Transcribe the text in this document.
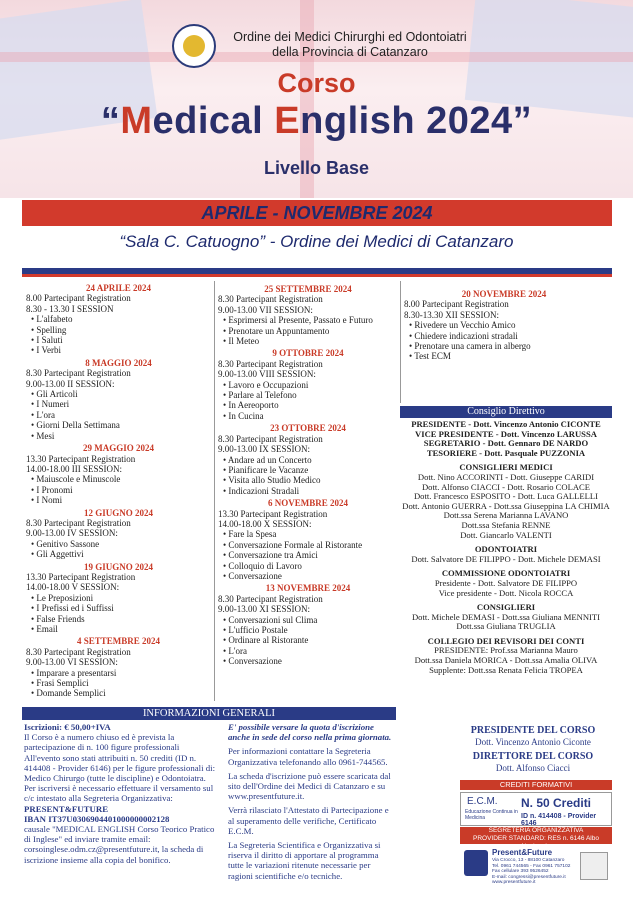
Ordine dei Medici Chirurghi ed Odontoiatri
della Provincia di Catanzaro
Corso
“Medical English 2024”
Livello Base
APRILE - NOVEMBRE 2024
“Sala C. Catuogno” - Ordine dei Medici di Catanzaro
24 APRILE 2024
8.00 Partecipant Registration
8.30 - 13.30 I SESSION
• L'alfabeto
• Spelling
• I Saluti
• I Verbi
8 MAGGIO 2024
8.30 Partecipant Registration
9.00-13.00 II SESSION:
• Gli Articoli
• I Numeri
• L'ora
• Giorni Della Settimana
• Mesi
29 MAGGIO 2024
13.30 Partecipant Registration
14.00-18.00 III SESSION:
• Maiuscole e Minuscole
• I Pronomi
• I Nomi
12 GIUGNO 2024
8.30 Partecipant Registration
9.00-13.00 IV SESSION:
• Genitivo Sassone
• Gli Aggettivi
19 GIUGNO 2024
13.30 Partecipant Registration
14.00-18.00 V SESSION:
• Le Preposizioni
• I Prefissi ed i Suffissi
• False Friends
• Email
4 SETTEMBRE 2024
8.30 Partecipant Registration
9.00-13.00 VI SESSION:
• Imparare a presentarsi
• Frasi Semplici
• Domande Semplici
25 SETTEMBRE 2024
8.30 Partecipant Registration
9.00-13.00 VII SESSION:
• Esprimersi al Presente, Passato e Futuro
• Prenotare un Appuntamento
• Il Meteo
9 OTTOBRE 2024
8.30 Partecipant Registration
9.00-13.00 VIII SESSION:
• Lavoro e Occupazioni
• Parlare al Telefono
• In Aereoporto
• In Cucina
23 OTTOBRE 2024
8.30 Partecipant Registration
9.00-13.00 IX SESSION:
• Andare ad un Concerto
• Pianificare le Vacanze
• Visita allo Studio Medico
• Indicazioni Stradali
6 NOVEMBRE 2024
13.30 Partecipant Registration
14.00-18.00 X SESSION:
• Fare la Spesa
• Conversazione Formale al Ristorante
• Conversazione tra Amici
• Colloquio di Lavoro
• Conversazione
13 NOVEMBRE 2024
8.30 Partecipant Registration
9.00-13.00 XI SESSION:
• Conversazioni sul Clima
• L'ufficio Postale
• Ordinare al Ristorante
• L'ora
• Conversazione
20 NOVEMBRE 2024
8.00 Partecipant Registration
8.30-13.30 XII SESSION:
• Rivedere un Vecchio Amico
• Chiedere indicazioni stradali
• Prenotare una camera in albergo
• Test ECM
Consiglio Direttivo
PRESIDENTE - Dott. Vincenzo Antonio CICONTE
VICE PRESIDENTE - Dott. Vincenzo LARUSSA
SEGRETARIO - Dott. Gennaro DE NARDO
TESORIERE - Dott. Pasquale PUZZONIA
CONSIGLIERI MEDICI
Dott. Nino ACCORINTI - Dott. Giuseppe CARIDI
Dott. Alfonso CIACCI - Dott. Rosario COLACE
Dott. Francesco ESPOSITO - Dott. Luca GALLELLI
Dott. Antonio GUERRA - Dott.ssa Giuseppina LA CHIMIA
Dott.ssa Serena Marianna LAVANO
Dott.ssa Stefania RENNE
Dott. Giancarlo VALENTI
ODONTOIATRI
Dott. Salvatore DE FILIPPO - Dott. Michele DEMASI
COMMISSIONE ODONTOIATRI
Presidente - Dott. Salvatore DE FILIPPO
Vice presidente - Dott. Nicola ROCCA
CONSIGLIERI
Dott. Michele DEMASI - Dott.ssa Giuliana MENNITI
Dott.ssa Giuliana TRUGLIA
COLLEGIO DEI REVISORI DEI CONTI
PRESIDENTE: Prof.ssa Marianna Mauro
Dott.ssa Daniela MORICA - Dott.ssa Amalia OLIVA
Supplente: Dott.ssa Renata Felicia TROPEA
INFORMAZIONI GENERALI
Iscrizioni: € 50,00+IVA
Il Corso è a numero chiuso ed è prevista la partecipazione di n. 100 figure professionali
All'evento sono stati attribuiti n. 50 crediti (ID n. 414408 - Provider 6146) per le figure professionali di: Medico Chirurgo (tutte le discipline) e Odontoiatra.
Per iscriversi è necessario effettuare il versamento sul c/c intestato alla Segreteria Organizzativa:
PRESENT&FUTURE
IBAN IT37U0306904401000000002128
causale "MEDICAL ENGLISH Corso Teorico Pratico di Inglese" ed inviare tramite email: corsoinglese.odm.cz@presentfuture.it, la scheda di iscrizione insieme alla copia del bonifico.
E' possibile versare la quota d'iscrizione anche in sede del corso nella prima giornata.
Per informazioni contattare la Segreteria Organizzativa telefonando allo 0961-744565.
La scheda d'iscrizione può essere scaricata dal sito dell'Ordine dei Medici di Catanzaro e su www.presentfuture.it.
Verrà rilasciato l'Attestato di Partecipazione e al superamento delle verifiche, Certificato E.C.M.
La Segreteria Scientifica e Organizzativa si riserva il diritto di apportare al programma tutte le variazioni ritenute necessarie per ragioni scientifiche e/o tecniche.
PRESIDENTE DEL CORSO
Dott. Vincenzo Antonio Ciconte
DIRETTORE DEL CORSO
Dott. Alfonso Ciacci
CREDITI FORMATIVI
E.C.M.
Educazione Continua in Medicina
N. 50 Crediti
ID n. 414408 - Provider 6146
SEGRETERIA ORGANIZZATIVA
PROVIDER STANDARD: RES n. 6146 Albo
Present&Future
Via Crocco, 13 - 88100 Catanzaro
Tel. 0961 744565 - Fax 0961 757102
Fax cellulare 393 9526452
E-mail: congressi@presentfuture.it
www.presentfuture.it
